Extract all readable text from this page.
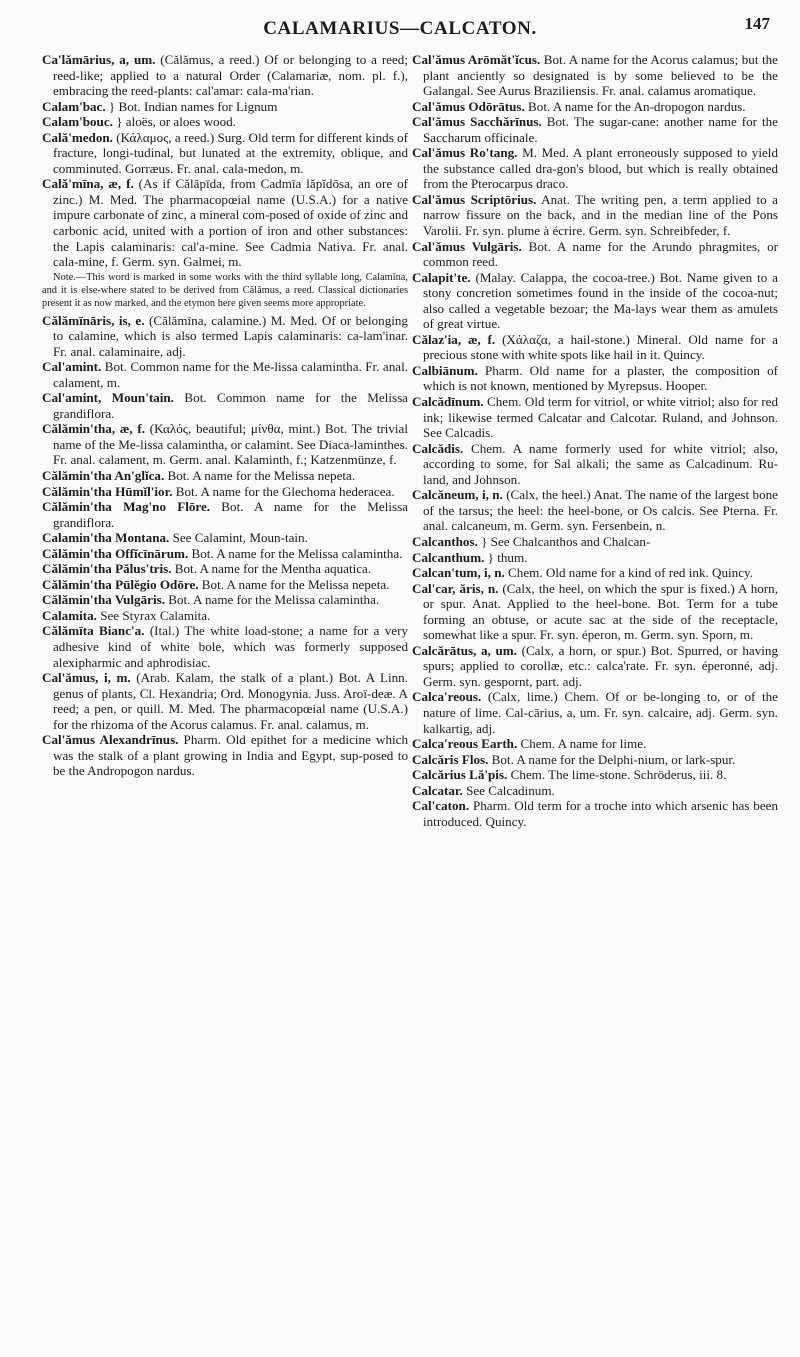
CALAMARIUS—CALCATON.	147

Ca'lămārius, a, um. (Călămus, a reed.) Of or belonging to a reed; reed-like; applied to a natural Order (Calamariæ, nom. pl. f.), embracing the reed-plants: cal'amar: cala-ma'rian.

Calam'bac. } Bot. Indian names for Lignum

Calam'bouc. } aloës, or aloes wood.

Cală'medon. (Κάλαμος, a reed.) Surg. Old term for different kinds of fracture, longi-tudinal, but lunated at the extremity, oblique, and comminuted. Gorræus. Fr. anal. cala-medon, m.

Cală'mīna, æ, f. (As if Călăpīda, from Cadmīa lăpĭdōsa, an ore of zinc.) M. Med. The pharmacopœial name (U.S.A.) for a native impure carbonate of zinc, a mineral com-posed of oxide of zinc and carbonic acid, united with a portion of iron and other substances: the Lapis calaminaris: cal'a-mine. See Cadmia Nativa. Fr. anal. cala-mine, f. Germ. syn. Galmei, m.

Note.—This word is marked in some works with the third syllable long, Calamīna, and it is else-where stated to be derived from Călămus, a reed. Classical dictionaries present it as now marked, and the etymon here given seems more appropriate.

Călămīnāris, is, e. (Călămīna, calamine.) M. Med. Of or belonging to calamine, which is also termed Lapis calaminaris: ca-lam'inar. Fr. anal. calaminaire, adj.

Cal'amint. Bot. Common name for the Me-lissa calamintha. Fr. anal. calament, m.

Cal'amint, Moun'tain. Bot. Common name for the Melissa grandiflora.

Călămin'tha, æ, f. (Καλός, beautiful; μίνθα, mint.) Bot. The trivial name of the Me-lissa calamintha, or calamint. See Diaca-laminthes. Fr. anal. calament, m. Germ. anal. Kalaminth, f.; Katzenmünze, f.

Călămin'tha An'glĭca. Bot. A name for the Melissa nepeta.

Călămin'tha Hūmĭl'ior. Bot. A name for the Glechoma hederacea.

Călămin'tha Mag'no Flōre. Bot. A name for the Melissa grandiflora.

Calamin'tha Montana. See Calamint, Moun-tain.

Călămin'tha Offĭcīnārum. Bot. A name for the Melissa calamintha.

Călămin'tha Pălus'tris. Bot. A name for the Mentha aquatica.

Călămin'tha Pūlĕgio Odōre. Bot. A name for the Melissa nepeta.

Călămin'tha Vulgāris. Bot. A name for the Melissa calamintha.

Calamita. See Styrax Calamita.

Călămīta Bianc'a. (Ital.) The white load-stone; a name for a very adhesive kind of white bole, which was formerly supposed alexipharmic and aphrodisiac.

Cal'ămus, i, m. (Arab. Kalam, the stalk of a plant.) Bot. A Linn. genus of plants, Cl. Hexandria; Ord. Monogynia. Juss. Aroï-deæ. A reed; a pen, or quill. M. Med. The pharmacopœial name (U.S.A.) for the rhizoma of the Acorus calamus. Fr. anal. calamus, m.

Cal'ămus Alexandrīnus. Pharm. Old epithet for a medicine which was the stalk of a plant growing in India and Egypt, sup-posed to be the Andropogon nardus.

Cal'ămus Arōmăt'ĭcus. Bot. A name for the Acorus calamus; but the plant anciently so designated is by some believed to be the Galangal. See Aurus Braziliensis. Fr. anal. calamus aromatique.

Cal'ămus Odōrātus. Bot. A name for the An-dropogon nardus.

Cal'ămus Sacchărīnus. Bot. The sugar-cane: another name for the Saccharum officinale.

Cal'ămus Ro'tang. M. Med. A plant erroneously supposed to yield the substance called dra-gon's blood, but which is really obtained from the Pterocarpus draco.

Cal'ămus Scriptōrius. Anat. The writing pen, a term applied to a narrow fissure on the back, and in the median line of the Pons Varolii. Fr. syn. plume à écrire. Germ. syn. Schreibfeder, f.

Cal'ămus Vulgāris. Bot. A name for the Arundo phragmites, or common reed.

Calapit'te. (Malay. Calappa, the cocoa-tree.) Bot. Name given to a stony concretion sometimes found in the inside of the cocoa-nut; also called a vegetable bezoar; the Ma-lays wear them as amulets of great virtue.

Călaz'ia, æ, f. (Χάλαζα, a hail-stone.) Mineral. Old name for a precious stone with white spots like hail in it. Quincy.

Calbiānum. Pharm. Old name for a plaster, the composition of which is not known, mentioned by Myrepsus. Hooper.

Calcădīnum. Chem. Old term for vitriol, or white vitriol; also for red ink; likewise termed Calcatar and Calcotar. Ruland, and Johnson. See Calcadis.

Calcădis. Chem. A name formerly used for white vitriol; also, according to some, for Sal alkali; the same as Calcadinum. Ru-land, and Johnson.

Calcăneum, i, n. (Calx, the heel.) Anat. The name of the largest bone of the tarsus; the heel: the heel-bone, or Os calcis. See Pterna. Fr. anal. calcaneum, m. Germ. syn. Fersenbein, n.

Calcanthos. } See Chalcanthos and Chalcan-

Calcanthum. } thum.

Calcan'tum, i, n. Chem. Old name for a kind of red ink. Quincy.

Cal'car, ăris, n. (Calx, the heel, on which the spur is fixed.) A horn, or spur. Anat. Applied to the heel-bone. Bot. Term for a tube forming an obtuse, or acute sac at the side of the receptacle, somewhat like a spur. Fr. syn. éperon, m. Germ. syn. Sporn, m.

Calcărātus, a, um. (Calx, a horn, or spur.) Bot. Spurred, or having spurs; applied to corollæ, etc.: calca'rate. Fr. syn. éperonné, adj. Germ. syn. gespornt, part. adj.

Calca'reous. (Calx, lime.) Chem. Of or be-longing to, or of the nature of lime. Cal-cārius, a, um. Fr. syn. calcaire, adj. Germ. syn. kalkartig, adj.

Calca'reous Earth. Chem. A name for lime.

Calcăris Flos. Bot. A name for the Delphi-nium, or lark-spur.

Calcărius Lă'pis. Chem. The lime-stone. Schröderus, iii. 8.

Calcatar. See Calcadinum.

Cal'caton. Pharm. Old term for a troche into which arsenic has been introduced. Quincy.
